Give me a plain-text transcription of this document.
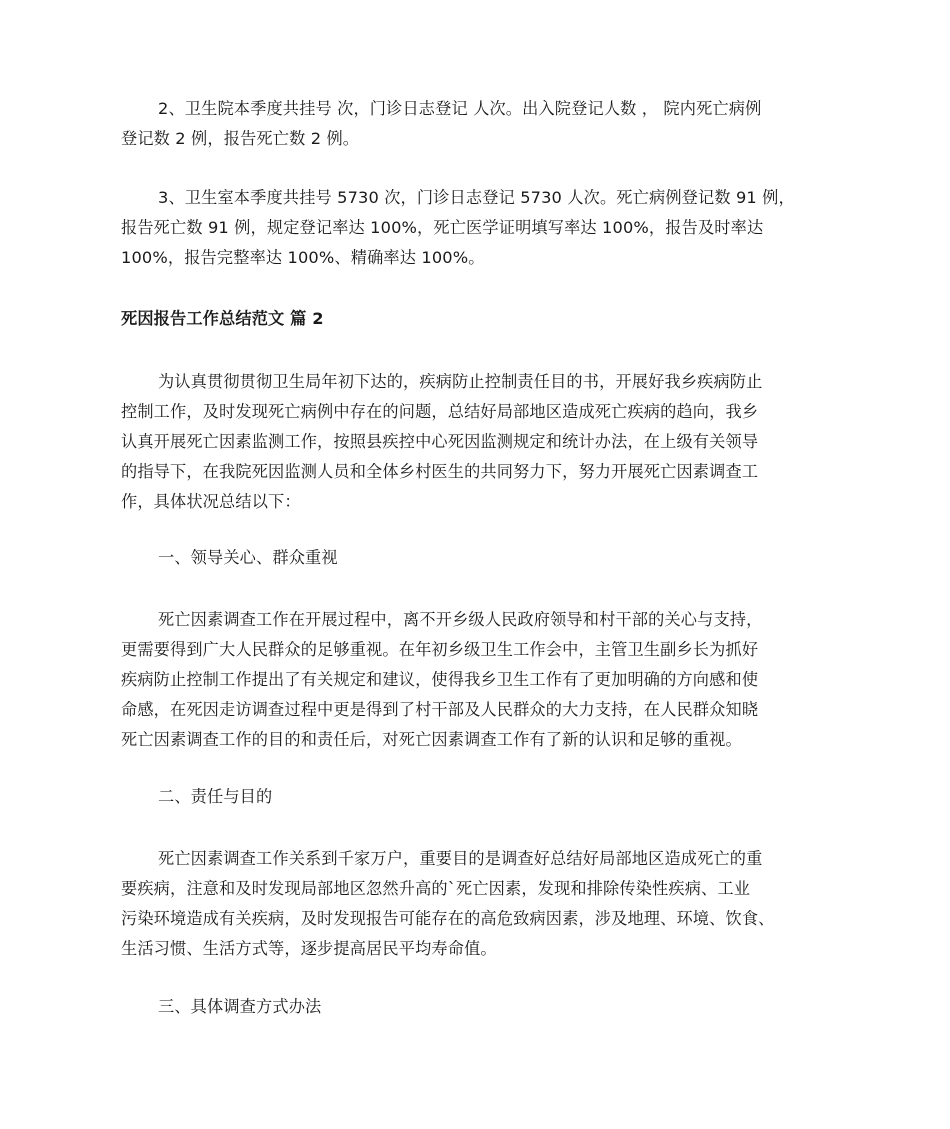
2、卫生院本季度共挂号 次，门诊日志登记 人次。出入院登记人数 ， 院内死亡病例
登记数 2 例，报告死亡数 2 例。

3、卫生室本季度共挂号 5730 次，门诊日志登记 5730 人次。死亡病例登记数 91 例，
报告死亡数 91 例，规定登记率达 100%，死亡医学证明填写率达 100%，报告及时率达
100%，报告完整率达 100%、精确率达 100%。

死因报告工作总结范文 篇 2

为认真贯彻贯彻卫生局年初下达的，疾病防止控制责任目的书，开展好我乡疾病防止
控制工作，及时发现死亡病例中存在的问题，总结好局部地区造成死亡疾病的趋向，我乡
认真开展死亡因素监测工作，按照县疾控中心死因监测规定和统计办法，在上级有关领导
的指导下，在我院死因监测人员和全体乡村医生的共同努力下，努力开展死亡因素调查工
作，具体状况总结以下：

一、领导关心、群众重视

死亡因素调查工作在开展过程中，离不开乡级人民政府领导和村干部的关心与支持，
更需要得到广大人民群众的足够重视。在年初乡级卫生工作会中，主管卫生副乡长为抓好
疾病防止控制工作提出了有关规定和建议，使得我乡卫生工作有了更加明确的方向感和使
命感，在死因走访调查过程中更是得到了村干部及人民群众的大力支持，在人民群众知晓
死亡因素调查工作的目的和责任后，对死亡因素调查工作有了新的认识和足够的重视。

二、责任与目的

死亡因素调查工作关系到千家万户，重要目的是调查好总结好局部地区造成死亡的重
要疾病，注意和及时发现局部地区忽然升高的`死亡因素，发现和排除传染性疾病、工业
污染环境造成有关疾病，及时发现报告可能存在的高危致病因素，涉及地理、环境、饮食、
生活习惯、生活方式等，逐步提高居民平均寿命值。

三、具体调查方式办法
